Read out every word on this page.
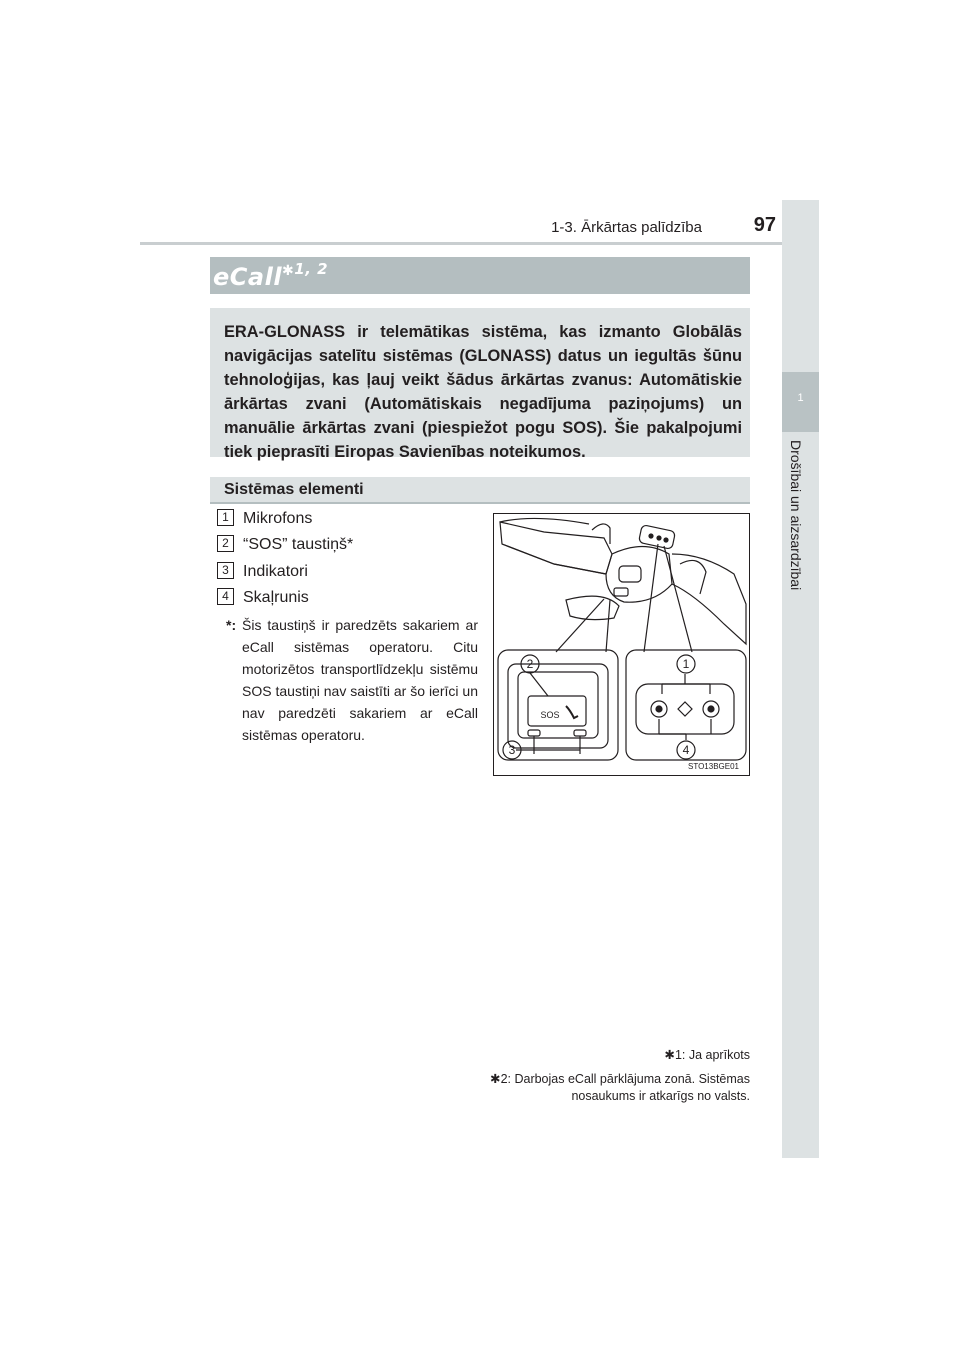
1-3. Ārkārtas palīdzība	97
1
Drošībai un aizsardzībai
eCall$^{✱1, 2}$
ERA-GLONASS ir telemātikas sistēma, kas izmanto Globālās navigācijas satelītu sistēmas (GLONASS) datus un iegultās šūnu tehnoloģijas, kas ļauj veikt šādus ārkārtas zvanus: Automātiskie ārkārtas zvani (Automātiskais negadījuma paziņojums) un manuālie ārkārtas zvani (piespiežot pogu SOS). Šie pakalpojumi tiek pieprasīti Eiropas Savienības noteikumos.
Sistēmas elementi
1 Mikrofons
2 “SOS” taustiņš*
3 Indikatori
4 Skaļrunis
*: Šis taustiņš ir paredzēts sakariem ar eCall sistēmas operatoru. Citu motorizētos transportlīdzekļu sistēmu SOS taustiņi nav saistīti ar šo ierīci un nav paredzēti sakariem ar eCall sistēmas operatoru.
2
3
1
4
SOS
STO13BGE01
✱1: Ja aprīkots
✱2: Darbojas eCall pārklājuma zonā. Sistēmas
nosaukums ir atkarīgs no valsts.
